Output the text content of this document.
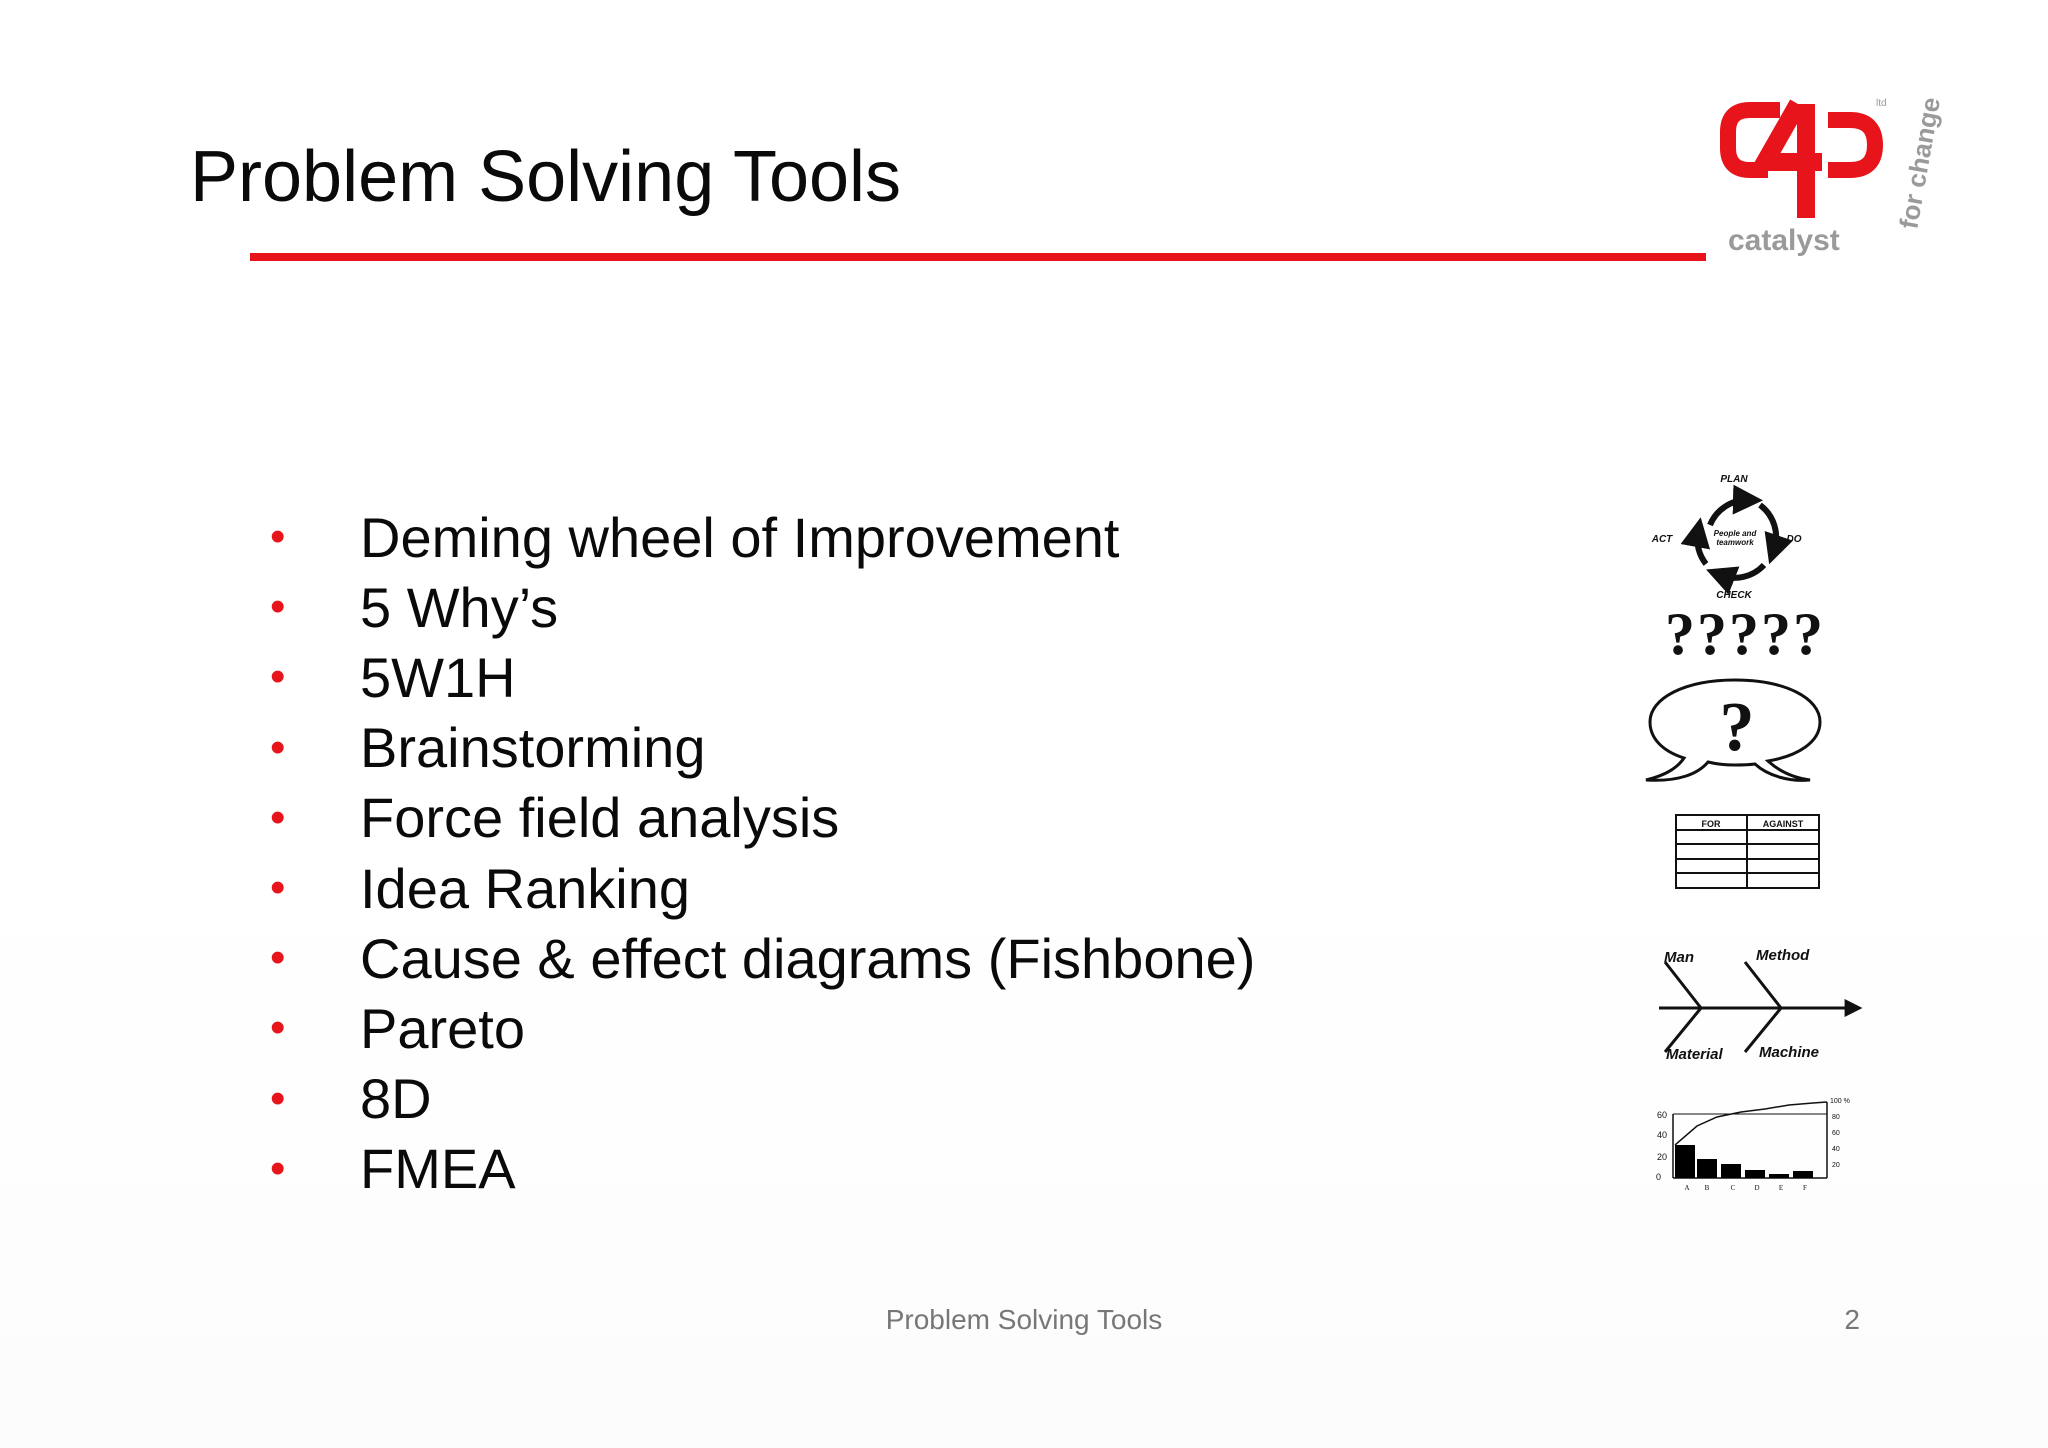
Problem Solving Tools
ltd
catalyst
for change
•	Deming wheel of Improvement
•	5 Why’s
•	5W1H
•	Brainstorming
•	Force field analysis
•	Idea Ranking
•	Cause & effect diagrams (Fishbone)
•	Pareto
•	8D
•	FMEA
PLAN
ACT	DO
CHECK
People and
teamwork
?????
?
FOR	AGAINST
Man	Method
Material Machine
60
40
20
0
100 %
80
60
40
20
A B	C	D	E	F
Problem Solving Tools	2
